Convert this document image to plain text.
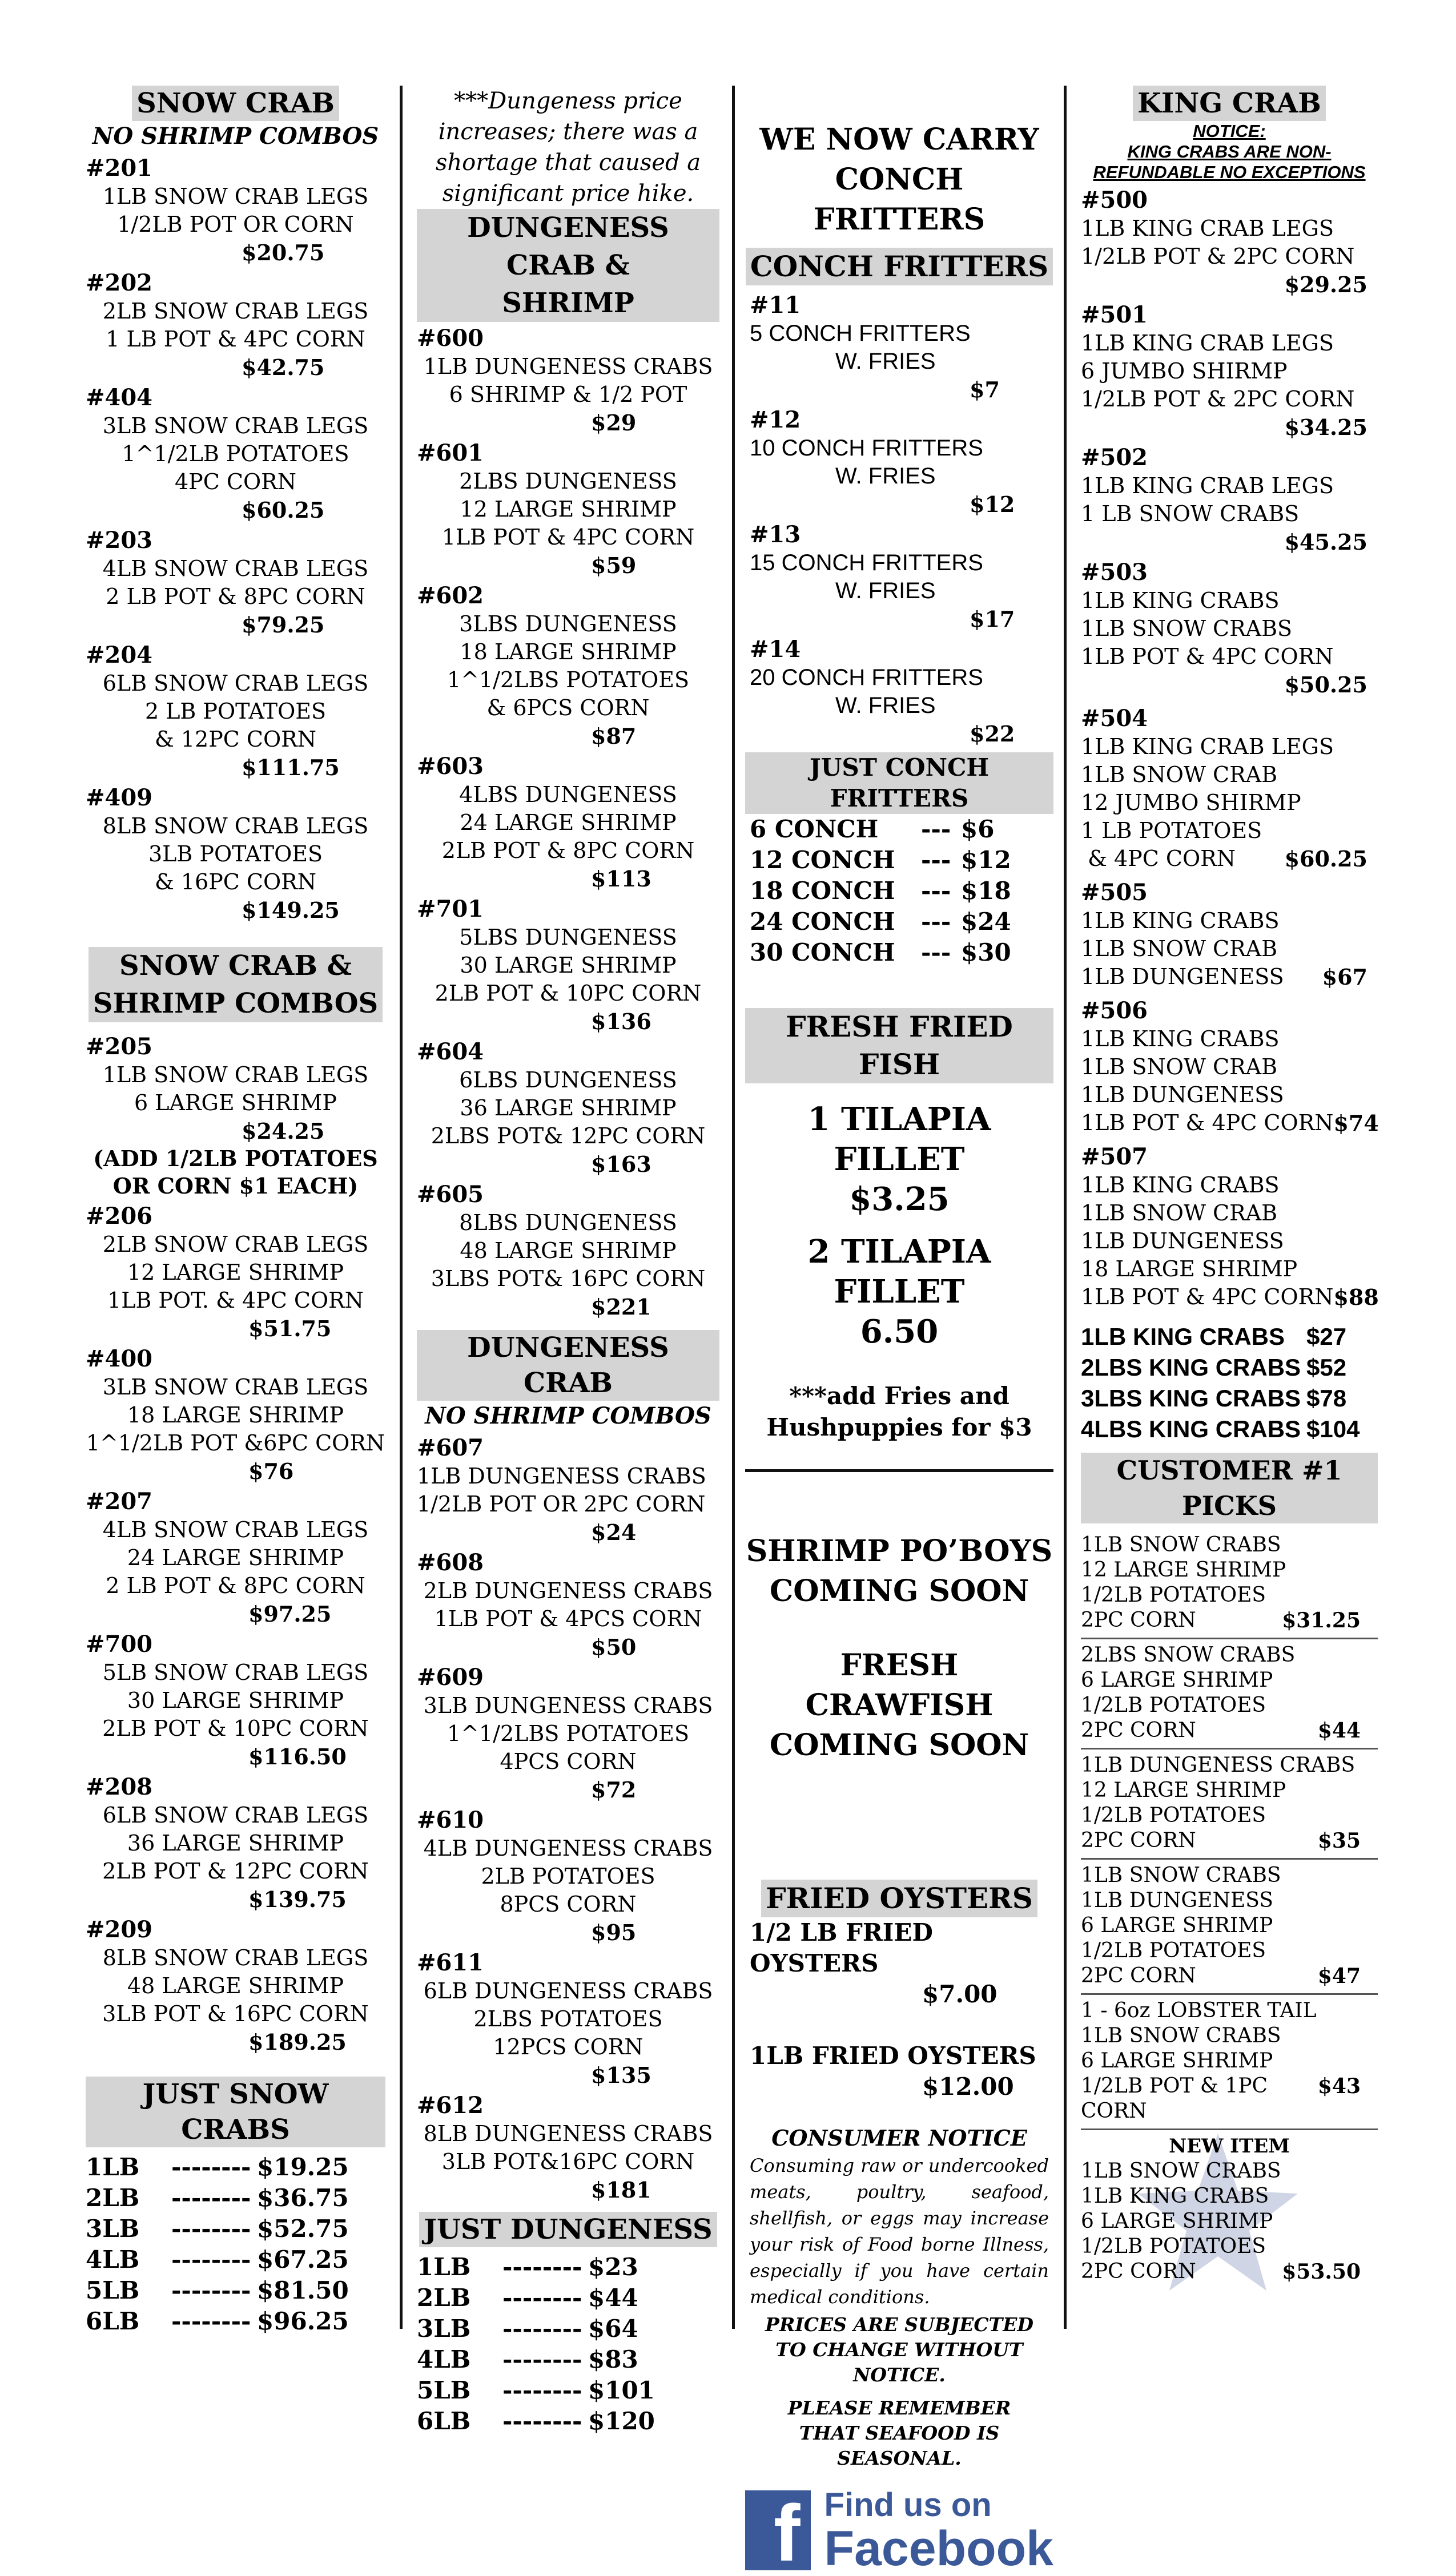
SNOW CRAB
NO SHRIMP COMBOS
#201
1LB SNOW CRAB LEGS
1/2LB POT OR CORN
$20.75
#202
2LB SNOW CRAB LEGS
1 LB POT & 4PC CORN
$42.75
#404
3LB SNOW CRAB LEGS
1^1/2LB POTATOES
4PC CORN
$60.25
#203
4LB SNOW CRAB LEGS
2 LB POT & 8PC CORN
$79.25
#204
6LB SNOW CRAB LEGS
2 LB POTATOES
& 12PC CORN
$111.75
#409
8LB SNOW CRAB LEGS
3LB POTATOES
& 16PC CORN
$149.25
SNOW CRAB &
SHRIMP COMBOS
#205
1LB SNOW CRAB LEGS
6 LARGE SHRIMP
$24.25
(ADD 1/2LB POTATOES OR CORN $1 EACH)
#206
2LB SNOW CRAB LEGS
12 LARGE SHRIMP
1LB POT. & 4PC CORN
$51.75
#400
3LB SNOW CRAB LEGS
18 LARGE SHRIMP
1^1/2LB POT &6PC CORN
$76
#207
4LB SNOW CRAB LEGS
24 LARGE SHRIMP
2 LB POT & 8PC CORN
$97.25
#700
5LB SNOW CRAB LEGS
30 LARGE SHRIMP
2LB POT & 10PC CORN
$116.50
#208
6LB SNOW CRAB LEGS
36 LARGE SHRIMP
2LB POT & 12PC CORN
$139.75
#209
8LB SNOW CRAB LEGS
48 LARGE SHRIMP
3LB POT & 16PC CORN
$189.25
JUST SNOW CRABS
1LB	-------- $19.25
2LB	-------- $36.75
3LB	-------- $52.75
4LB	-------- $67.25
5LB	-------- $81.50
6LB	-------- $96.25
***Dungeness price
increases; there was a
shortage that caused a
significant price hike.
DUNGENESS CRAB &
SHRIMP
#600
1LB DUNGENESS CRABS
6 SHRIMP & 1/2 POT
$29
#601
2LBS DUNGENESS
12 LARGE SHRIMP
1LB POT & 4PC CORN
$59
#602
3LBS DUNGENESS
18 LARGE SHRIMP
1^1/2LBS POTATOES
& 6PCS CORN
$87
#603
4LBS DUNGENESS
24 LARGE SHRIMP
2LB POT & 8PC CORN
$113
#701
5LBS DUNGENESS
30 LARGE SHRIMP
2LB POT & 10PC CORN
$136
#604
6LBS DUNGENESS
36 LARGE SHRIMP
2LBS POT& 12PC CORN
$163
#605
8LBS DUNGENESS
48 LARGE SHRIMP
3LBS POT& 16PC CORN
$221
DUNGENESS CRAB
NO SHRIMP COMBOS
#607
1LB DUNGENESS CRABS
1/2LB POT OR 2PC CORN
$24
#608
2LB DUNGENESS CRABS
1LB POT & 4PCS CORN
$50
#609
3LB DUNGENESS CRABS
1^1/2LBS POTATOES
4PCS CORN
$72
#610
4LB DUNGENESS CRABS
2LB POTATOES
8PCS CORN
$95
#611
6LB DUNGENESS CRABS
2LBS POTATOES
12PCS CORN
$135
#612
8LB DUNGENESS CRABS
3LB POT&16PC CORN
$181
JUST DUNGENESS
1LB	-------- $23
2LB	-------- $44
3LB	-------- $64
4LB	-------- $83
5LB	-------- $101
6LB	-------- $120
WE NOW CARRY
CONCH FRITTERS
CONCH FRITTERS
#11
5 CONCH FRITTERS
W. FRIES
$7
#12
10 CONCH FRITTERS
W. FRIES
$12
#13
15 CONCH FRITTERS
W. FRIES
$17
#14
20 CONCH FRITTERS
W. FRIES
$22
JUST CONCH FRITTERS
6 CONCH	--- $6
12 CONCH	--- $12
18 CONCH	--- $18
24 CONCH	--- $24
30 CONCH	--- $30
FRESH FRIED FISH
1 TILAPIA FILLET
$3.25
2 TILAPIA FILLET
6.50
***add Fries and
Hushpuppies for $3
SHRIMP PO’BOYS
COMING SOON
FRESH CRAWFISH
COMING SOON
FRIED OYSTERS
1/2 LB FRIED OYSTERS
$7.00
1LB FRIED OYSTERS
$12.00
CONSUMER NOTICE
Consuming raw or undercooked meats, poultry, seafood, shellfish, or eggs may increase your risk of Food borne Illness, especially if you have certain medical conditions.
PRICES ARE SUBJECTED TO CHANGE WITHOUT NOTICE.
PLEASE REMEMBER THAT SEAFOOD IS SEASONAL.
f Find us on
Facebook
KING CRAB
NOTICE:
KING CRABS ARE NON-REFUNDABLE NO EXCEPTIONS
#500
1LB KING CRAB LEGS
1/2LB POT & 2PC CORN
$29.25
#501
1LB KING CRAB LEGS
6 JUMBO SHIRMP
1/2LB POT & 2PC CORN
$34.25
#502
1LB KING CRAB LEGS
1 LB SNOW CRABS
$45.25
#503
1LB KING CRABS
1LB SNOW CRABS
1LB POT & 4PC CORN
$50.25
#504
1LB KING CRAB LEGS
1LB SNOW CRAB
12 JUMBO SHIRMP
1 LB POTATOES
& 4PC CORN $60.25
#505
1LB KING CRABS
1LB SNOW CRAB
1LB DUNGENESS $67
#506
1LB KING CRABS
1LB SNOW CRAB
1LB DUNGENESS
1LB POT & 4PC CORN $74
#507
1LB KING CRABS
1LB SNOW CRAB
1LB DUNGENESS
18 LARGE SHRIMP
1LB POT & 4PC CORN $88
1LB KING CRABS $27
2LBS KING CRABS $52
3LBS KING CRABS $78
4LBS KING CRABS $104
CUSTOMER #1 PICKS
1LB SNOW CRABS
12 LARGE SHRIMP
1/2LB POTATOES
2PC CORN	$31.25
2LBS SNOW CRABS
6 LARGE SHRIMP
1/2LB POTATOES
2PC CORN	$44
1LB DUNGENESS CRABS
12 LARGE SHRIMP
1/2LB POTATOES
2PC CORN	$35
1LB SNOW CRABS
1LB DUNGENESS
6 LARGE SHRIMP
1/2LB POTATOES
2PC CORN	$47
1 - 6oz LOBSTER TAIL
1LB SNOW CRABS
6 LARGE SHRIMP
1/2LB POT & 1PC CORN
$43
NEW ITEM
1LB SNOW CRABS
1LB KING CRABS
6 LARGE SHRIMP
1/2LB POTATOES
2PC CORN	$53.50
